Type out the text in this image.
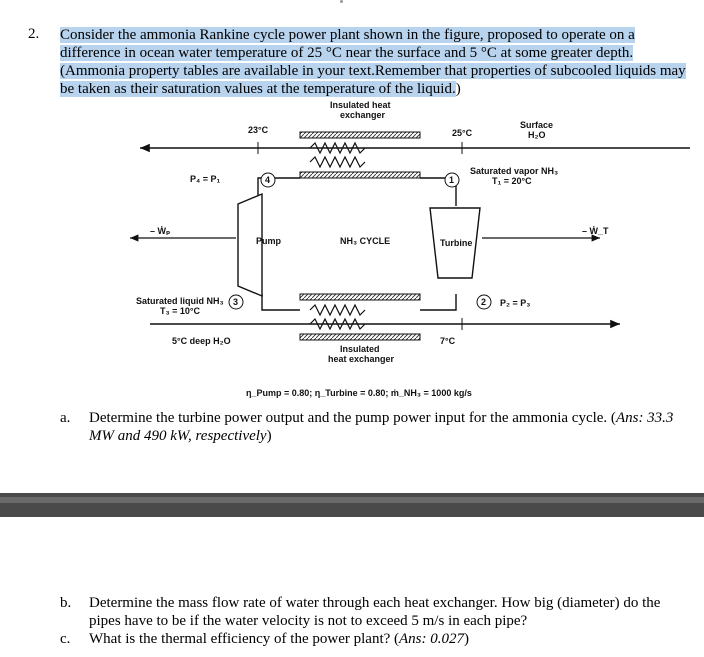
2. Consider the ammonia Rankine cycle power plant shown in the figure, proposed to operate on a difference in ocean water temperature of 25 °C near the surface and 5 °C at some greater depth. (Ammonia property tables are available in your text.Remember that properties of subcooled liquids may be taken as their saturation values at the temperature of the liquid.)
4	1
3	2
Insulated heat
exchanger
23°C	25°C
Surface
H₂O
P₄ = P₁
Saturated vapor NH₃
T₁ = 20°C
– Ẇₚ	– Ẇ_T
Pump	NH₃ CYCLE	Turbine
Saturated liquid NH₃
T₃ = 10°C
P₂ = P₃
5°C deep H₂O	7°C
Insulated
heat exchanger
η_Pump = 0.80; η_Turbine = 0.80; ṁ_NH₃ = 1000 kg/s
a. Determine the turbine power output and the pump power input for the ammonia cycle. (Ans: 33.3 MW and 490 kW, respectively)
b. Determine the mass flow rate of water through each heat exchanger. How big (diameter) do the pipes have to be if the water velocity is not to exceed 5 m/s in each pipe?
c. What is the thermal efficiency of the power plant? (Ans: 0.027)
